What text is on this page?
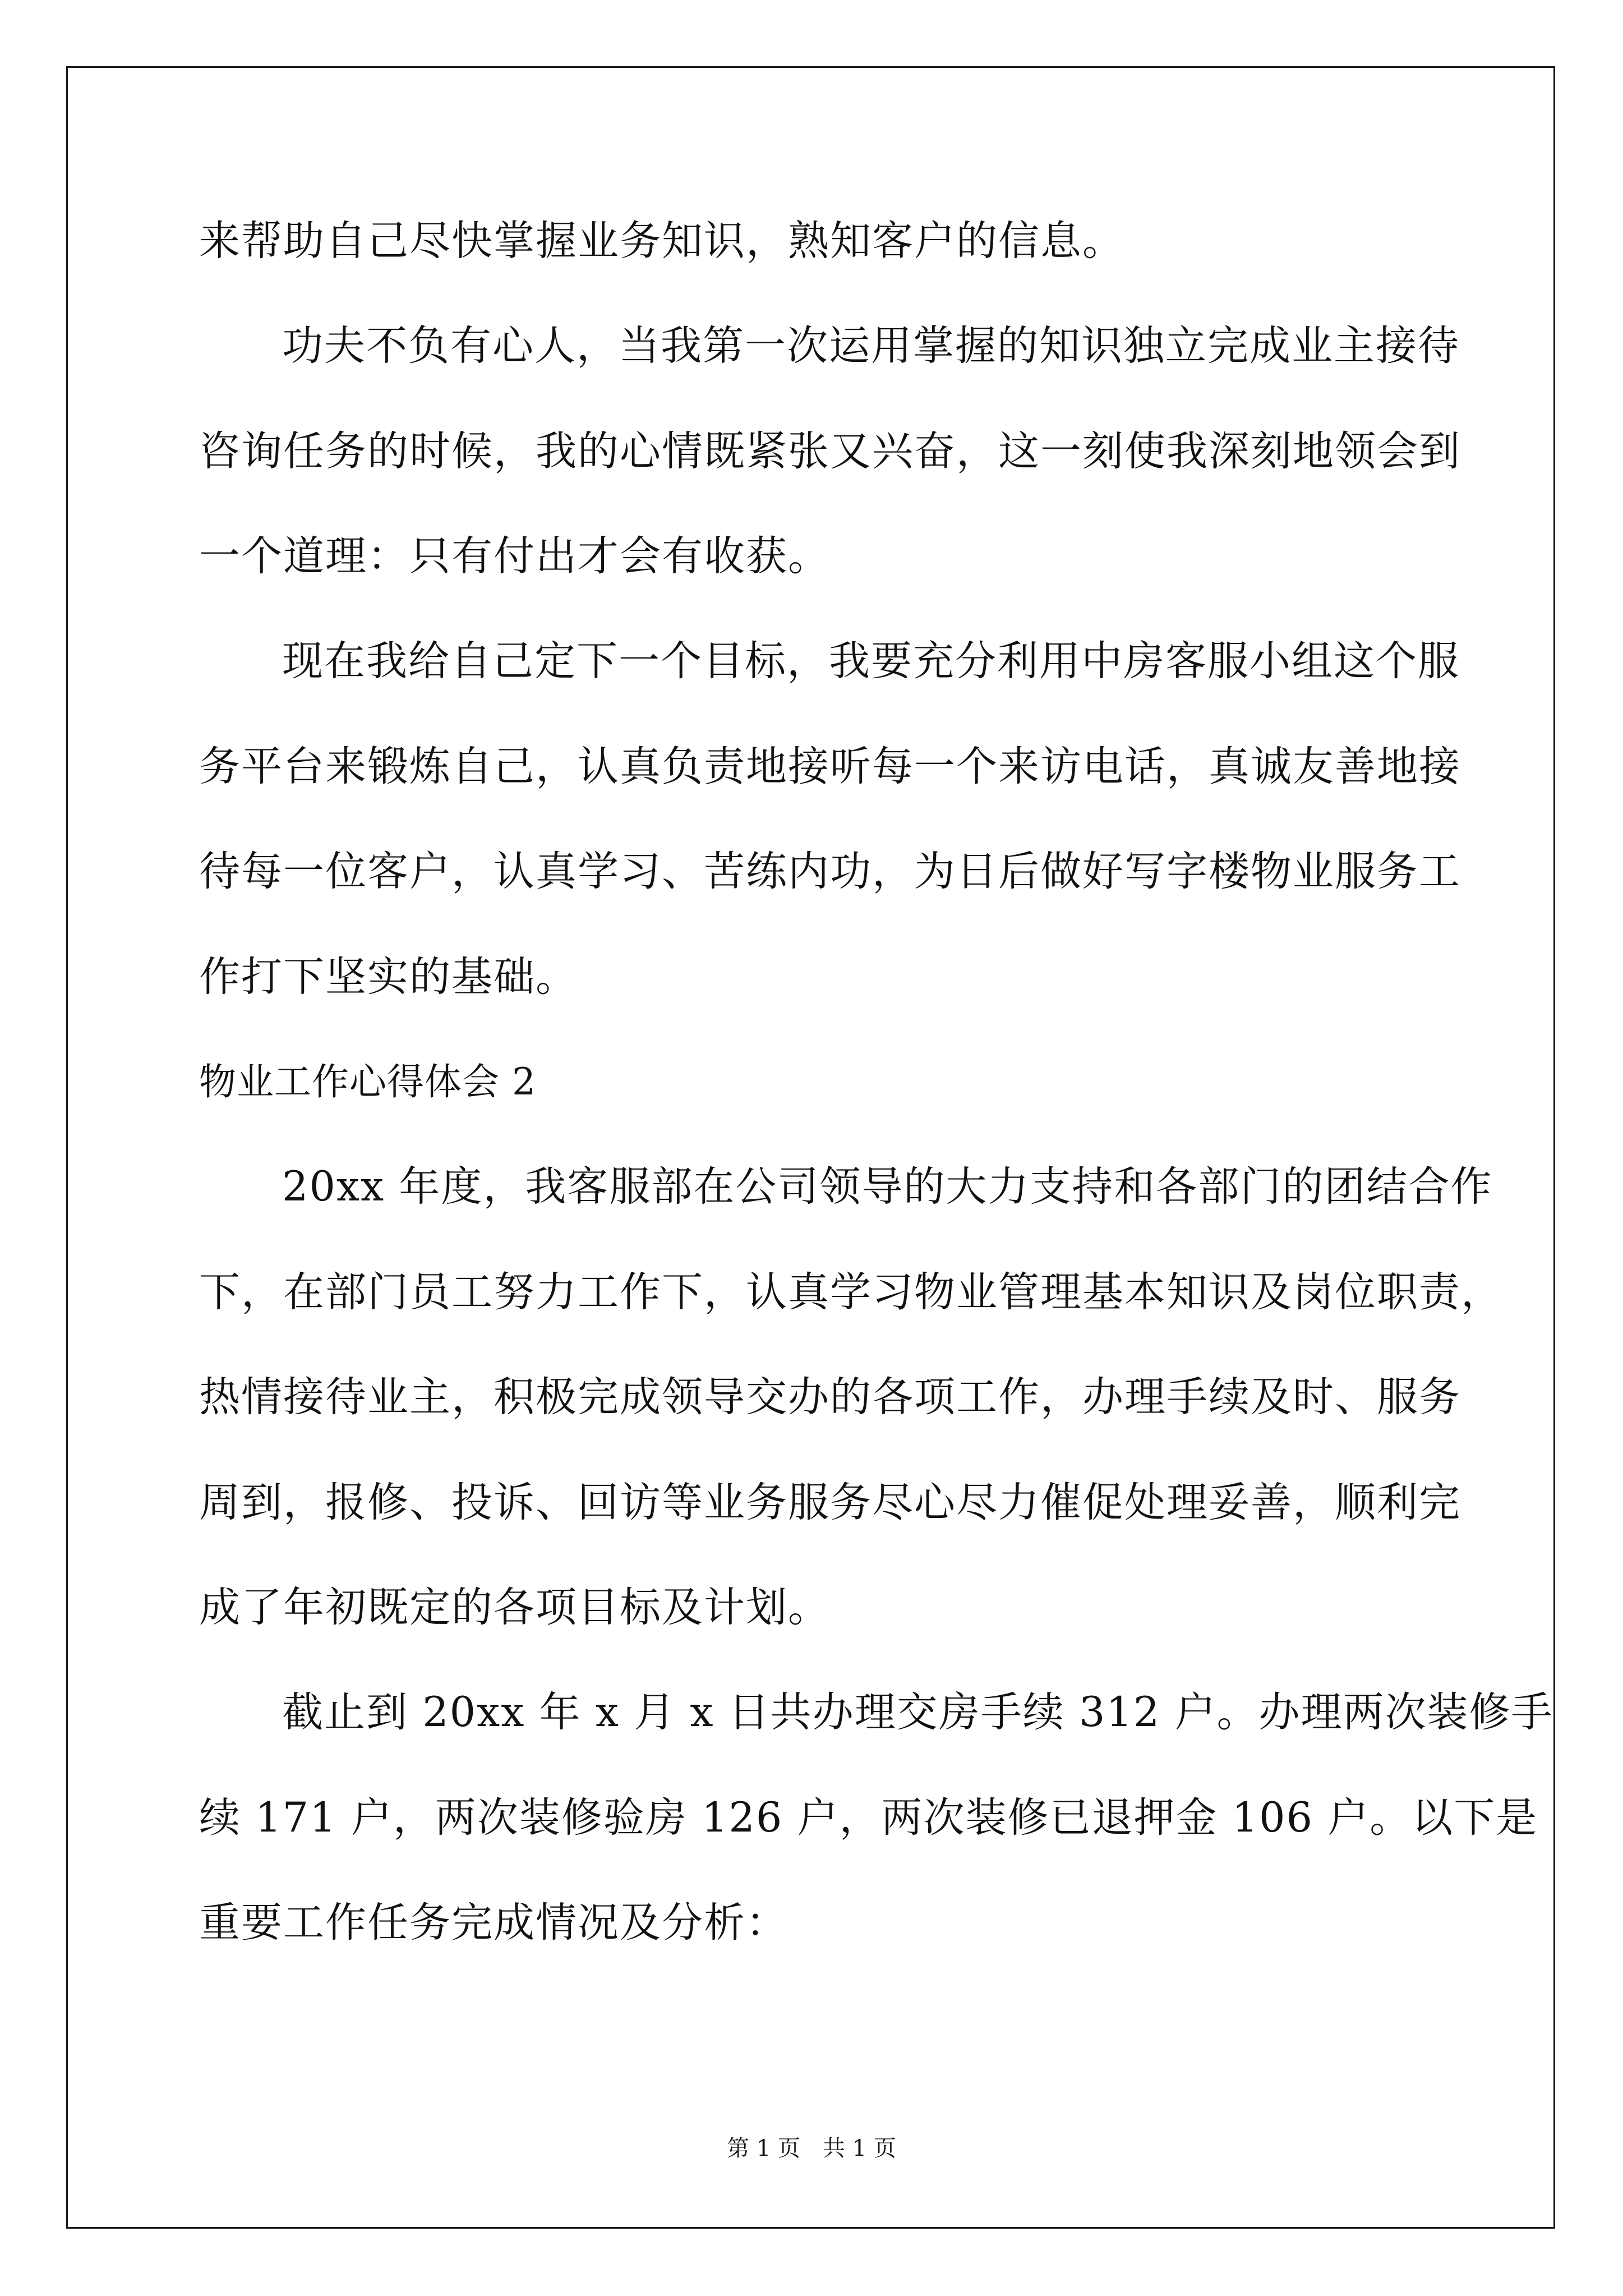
来帮助自己尽快掌握业务知识，熟知客户的信息。
功夫不负有心人，当我第一次运用掌握的知识独立完成业主接待
咨询任务的时候，我的心情既紧张又兴奋，这一刻使我深刻地领会到
一个道理：只有付出才会有收获。
现在我给自己定下一个目标，我要充分利用中房客服小组这个服
务平台来锻炼自己，认真负责地接听每一个来访电话，真诚友善地接
待每一位客户，认真学习、苦练内功，为日后做好写字楼物业服务工
作打下坚实的基础。
物业工作心得体会 2
20xx 年度，我客服部在公司领导的大力支持和各部门的团结合作
下，在部门员工努力工作下，认真学习物业管理基本知识及岗位职责，
热情接待业主，积极完成领导交办的各项工作，办理手续及时、服务
周到，报修、投诉、回访等业务服务尽心尽力催促处理妥善，顺利完
成了年初既定的各项目标及计划。
截止到 20xx 年 x 月 x 日共办理交房手续 312 户。办理两次装修手
续 171 户，两次装修验房 126 户，两次装修已退押金 106 户。以下是
重要工作任务完成情况及分析：
第 1 页　共 1 页
